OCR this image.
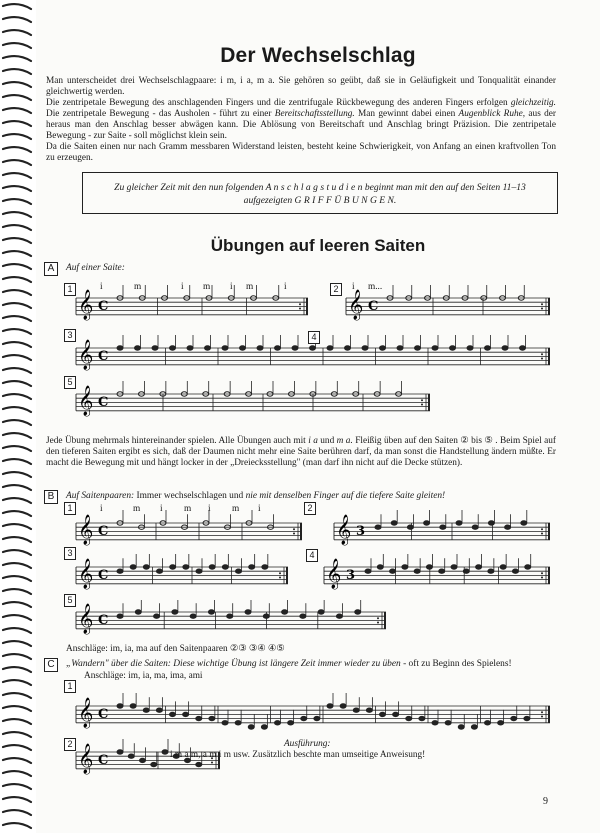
Der Wechselschlag
Man unterscheidet drei Wechselschlagpaare: i m, i a, m a. Sie gehören so geübt, daß sie in Geläufigkeit und Tonqualität einander gleichwertig werden.
Die zentripetale Bewegung des anschlagenden Fingers und die zentrifugale Rückbewegung des anderen Fingers erfolgen gleichzeitig. Die zentripetale Bewegung - das Ausholen - führt zu einer Bereitschaftsstellung. Man gewinnt dabei einen Augenblick Ruhe, aus der heraus man den Anschlag besser abwägen kann. Die Ablösung von Bereitschaft und Anschlag bringt Präzision. Die zentripetale Bewegung - zur Saite - soll möglichst klein sein.
Da die Saiten einen nur nach Gramm messbaren Widerstand leisten, besteht keine Schwierigkeit, von Anfang an einen kraftvollen Ton zu erzeugen.
Zu gleicher Zeit mit den nun folgenden A n s c h l a g s t u d i e n beginnt man mit den auf den Seiten 11–13
aufgezeigten G R I F F Ü B U N G E N.
Übungen auf leeren Saiten
A	Auf einer Saite:
𝄞 C	𝄞 C
𝄞 C
𝄞 C
1	2
3	4
5
i	m	i m i m	i	i m...
Jede Übung mehrmals hintereinander spielen. Alle Übungen auch mit i a und m a. Fleißig üben auf den Saiten ② bis ⑤ . Beim Spiel auf den tieferen Saiten ergibt es sich, daß der Daumen nicht mehr eine Saite berühren darf, da man sonst die Handstellung ändern müßte. Er macht die Bewegung mit und hängt locker in der „Dreiecksstellung" (man darf ihn nicht auf die Decke stützen).
B	Auf Saitenpaaren: Immer wechselschlagen und nie mit denselben Finger auf die tiefere Saite gleiten!
𝄞 C	𝄞 3
𝄞 C	𝄞 3
𝄞 C
1	2
3	4
5
i	m i m i m i
Anschläge: im, ia, ma auf den Saitenpaaren ②③ ③④ ④⑤
C	„Wandern" über die Saiten: Diese wichtige Übung ist längere Zeit immer wieder zu üben - oft zu Beginn des Spielens!
Anschläge: im, ia, ma, ima, ami
𝄞 C
𝄞 C
1
2	Ausführung:
i m a m, a m i m usw. Zusätzlich beschte man umseitige Anweisung!
9
